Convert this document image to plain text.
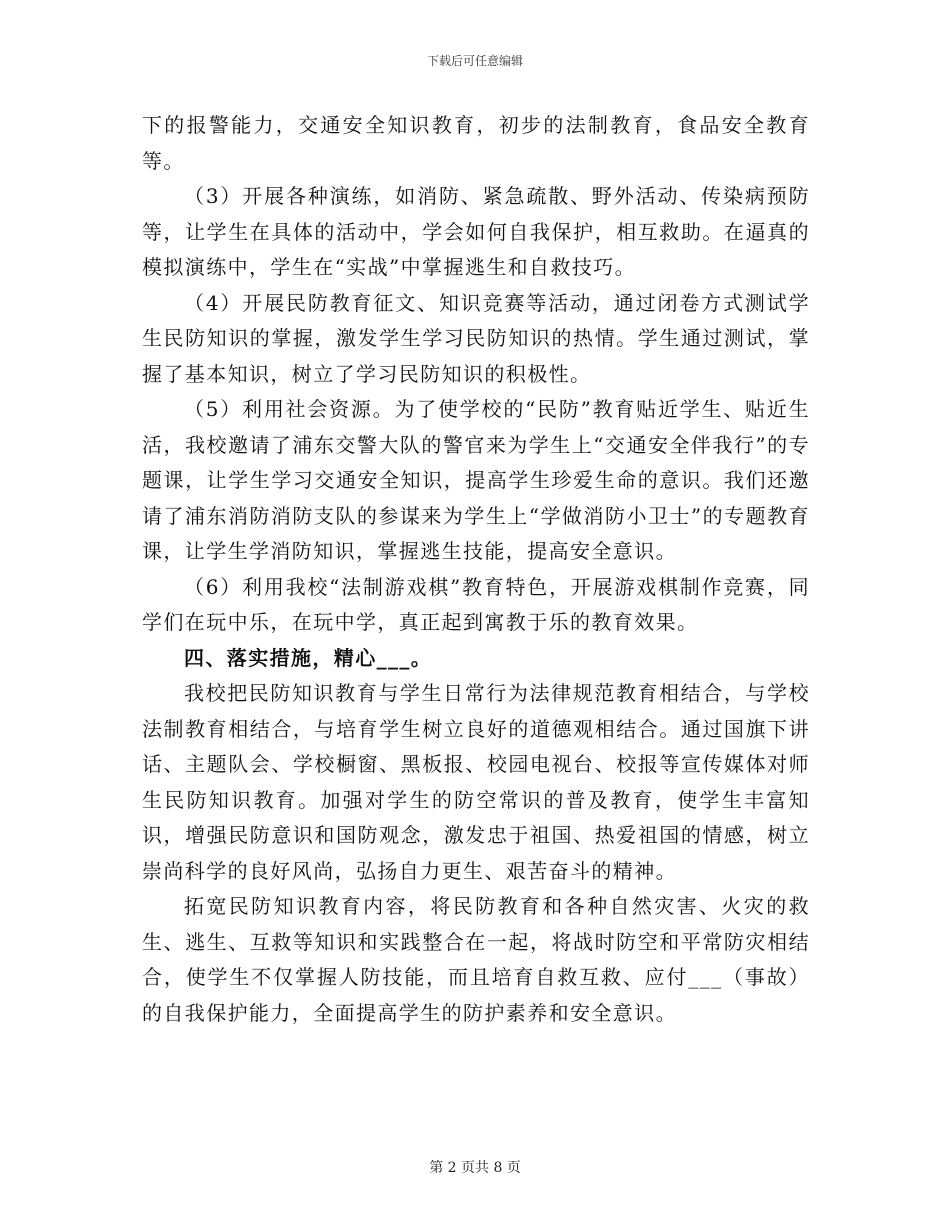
下载后可任意编辑

下的报警能力，交通安全知识教育，初步的法制教育，食品安全教育等。

（3）开展各种演练，如消防、紧急疏散、野外活动、传染病预防等，让学生在具体的活动中，学会如何自我保护，相互救助。在逼真的模拟演练中，学生在“实战”中掌握逃生和自救技巧。

（4）开展民防教育征文、知识竞赛等活动，通过闭卷方式测试学生民防知识的掌握，激发学生学习民防知识的热情。学生通过测试，掌握了基本知识，树立了学习民防知识的积极性。

（5）利用社会资源。为了使学校的“民防”教育贴近学生、贴近生活，我校邀请了浦东交警大队的警官来为学生上“交通安全伴我行”的专题课，让学生学习交通安全知识，提高学生珍爱生命的意识。我们还邀请了浦东消防消防支队的参谋来为学生上“学做消防小卫士”的专题教育课，让学生学消防知识，掌握逃生技能，提高安全意识。

（6）利用我校“法制游戏棋”教育特色，开展游戏棋制作竞赛，同学们在玩中乐，在玩中学，真正起到寓教于乐的教育效果。

四、落实措施，精心___。

我校把民防知识教育与学生日常行为法律规范教育相结合，与学校法制教育相结合，与培育学生树立良好的道德观相结合。通过国旗下讲话、主题队会、学校橱窗、黑板报、校园电视台、校报等宣传媒体对师生民防知识教育。加强对学生的防空常识的普及教育，使学生丰富知识，增强民防意识和国防观念，激发忠于祖国、热爱祖国的情感，树立崇尚科学的良好风尚，弘扬自力更生、艰苦奋斗的精神。

拓宽民防知识教育内容，将民防教育和各种自然灾害、火灾的救生、逃生、互救等知识和实践整合在一起，将战时防空和平常防灾相结合，使学生不仅掌握人防技能，而且培育自救互救、应付___（事故）的自我保护能力，全面提高学生的防护素养和安全意识。

第 2 页共 8 页
